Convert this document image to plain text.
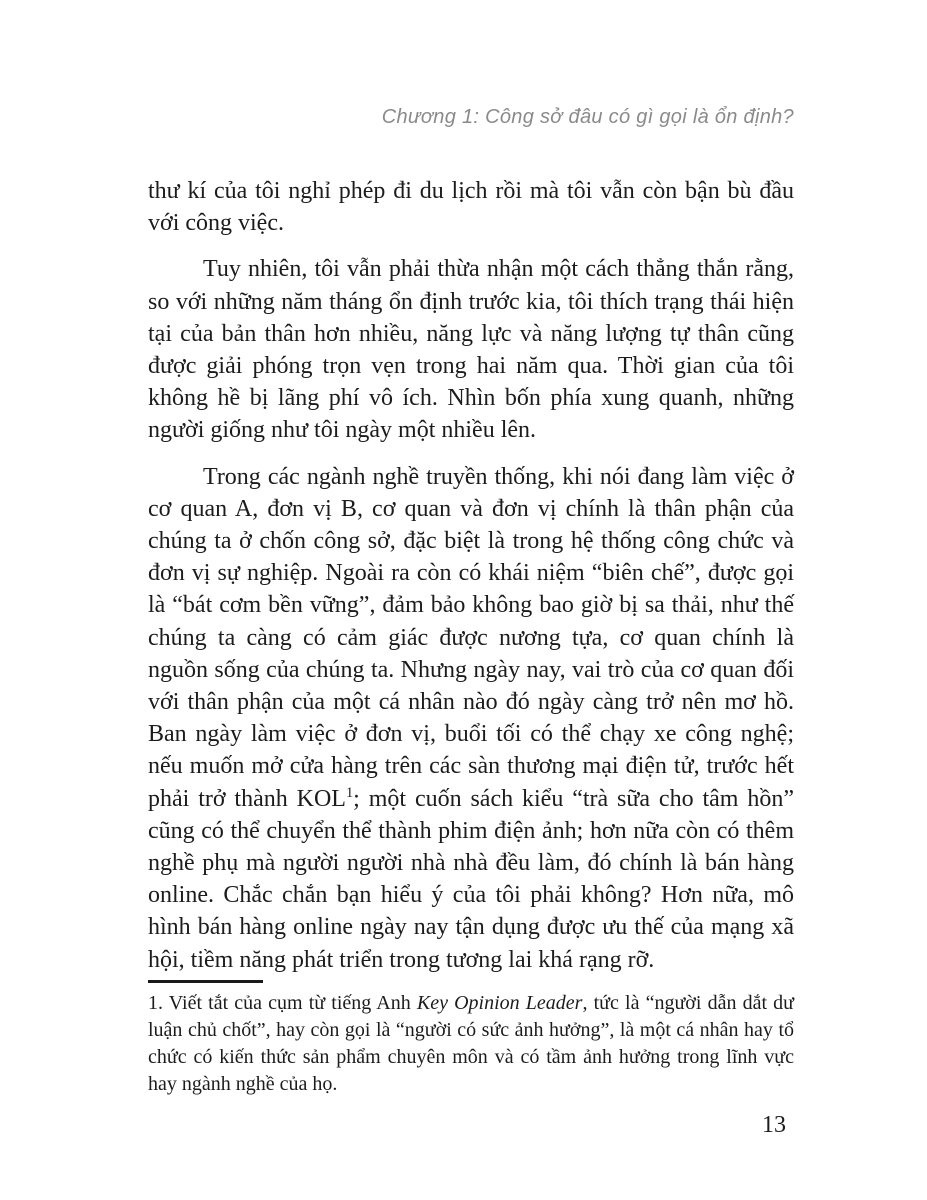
Chương 1: Công sở đâu có gì gọi là ổn định?

thư kí của tôi nghỉ phép đi du lịch rồi mà tôi vẫn còn bận bù đầu với công việc.

Tuy nhiên, tôi vẫn phải thừa nhận một cách thẳng thắn rằng, so với những năm tháng ổn định trước kia, tôi thích trạng thái hiện tại của bản thân hơn nhiều, năng lực và năng lượng tự thân cũng được giải phóng trọn vẹn trong hai năm qua. Thời gian của tôi không hề bị lãng phí vô ích. Nhìn bốn phía xung quanh, những người giống như tôi ngày một nhiều lên.

Trong các ngành nghề truyền thống, khi nói đang làm việc ở cơ quan A, đơn vị B, cơ quan và đơn vị chính là thân phận của chúng ta ở chốn công sở, đặc biệt là trong hệ thống công chức và đơn vị sự nghiệp. Ngoài ra còn có khái niệm “biên chế”, được gọi là “bát cơm bền vững”, đảm bảo không bao giờ bị sa thải, như thế chúng ta càng có cảm giác được nương tựa, cơ quan chính là nguồn sống của chúng ta. Nhưng ngày nay, vai trò của cơ quan đối với thân phận của một cá nhân nào đó ngày càng trở nên mơ hồ. Ban ngày làm việc ở đơn vị, buổi tối có thể chạy xe công nghệ; nếu muốn mở cửa hàng trên các sàn thương mại điện tử, trước hết phải trở thành KOL$^1$; một cuốn sách kiểu “trà sữa cho tâm hồn” cũng có thể chuyển thể thành phim điện ảnh; hơn nữa còn có thêm nghề phụ mà người người nhà nhà đều làm, đó chính là bán hàng online. Chắc chắn bạn hiểu ý của tôi phải không? Hơn nữa, mô hình bán hàng online ngày nay tận dụng được ưu thế của mạng xã hội, tiềm năng phát triển trong tương lai khá rạng rỡ.

1. Viết tắt của cụm từ tiếng Anh Key Opinion Leader, tức là “người dẫn dắt dư luận chủ chốt”, hay còn gọi là “người có sức ảnh hưởng”, là một cá nhân hay tổ chức có kiến thức sản phẩm chuyên môn và có tầm ảnh hưởng trong lĩnh vực hay ngành nghề của họ.
13
